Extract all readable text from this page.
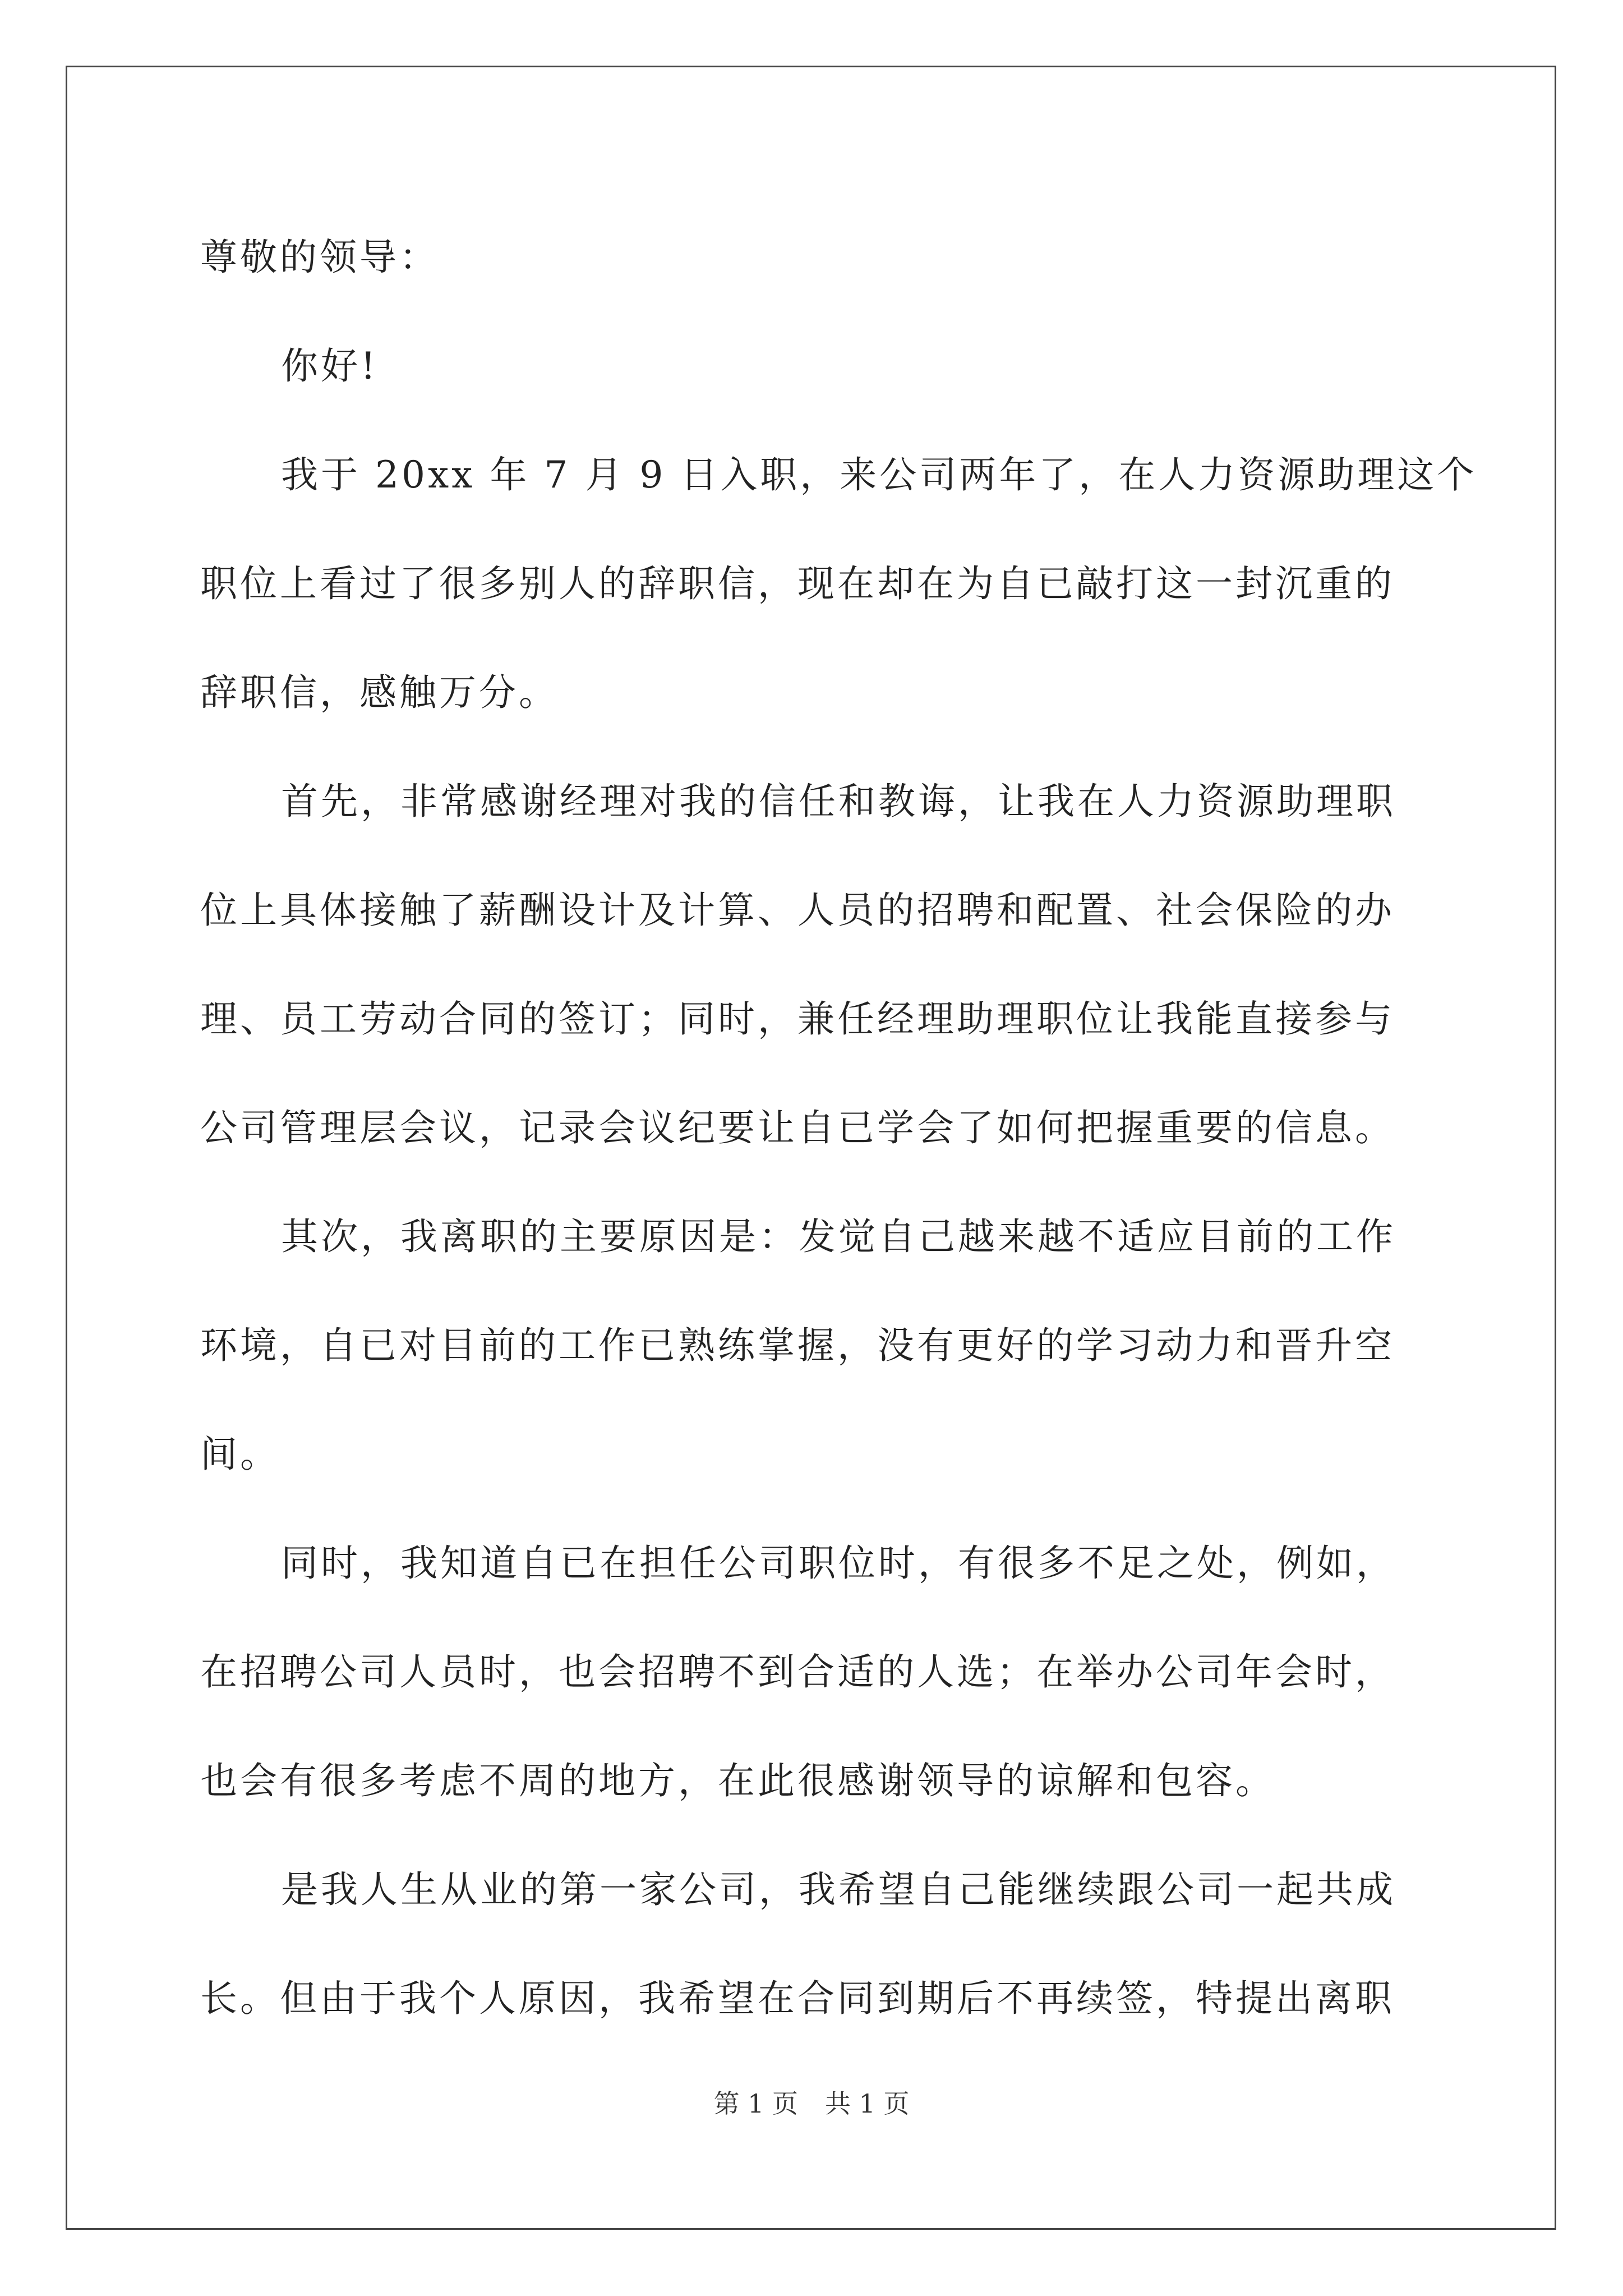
尊敬的领导：
你好!
我于 20xx 年 7 月 9 日入职，来公司两年了，在人力资源助理这个
职位上看过了很多别人的辞职信，现在却在为自已敲打这一封沉重的
辞职信，感触万分。
首先，非常感谢经理对我的信任和教诲，让我在人力资源助理职
位上具体接触了薪酬设计及计算、人员的招聘和配置、社会保险的办
理、员工劳动合同的签订；同时，兼任经理助理职位让我能直接参与
公司管理层会议，记录会议纪要让自已学会了如何把握重要的信息。
其次，我离职的主要原因是：发觉自己越来越不适应目前的工作
环境，自已对目前的工作已熟练掌握，没有更好的学习动力和晋升空
间。
同时，我知道自已在担任公司职位时，有很多不足之处，例如，
在招聘公司人员时，也会招聘不到合适的人选；在举办公司年会时，
也会有很多考虑不周的地方，在此很感谢领导的谅解和包容。
是我人生从业的第一家公司，我希望自己能继续跟公司一起共成
长。但由于我个人原因，我希望在合同到期后不再续签，特提出离职
第 1 页 共 1 页
